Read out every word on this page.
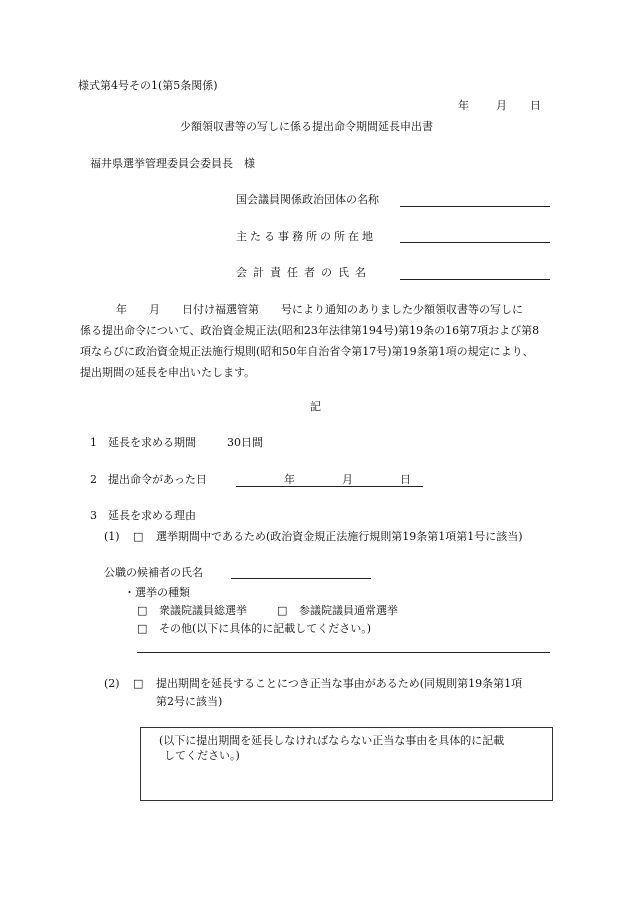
様式第4号その1(第5条関係)
年 月 日
少額領収書等の写しに係る提出命令期間延長申出書
福井県選挙管理委員会委員長　様
国会議員関係政治団体の名称
主たる事務所の所在地
会計責任者の氏名
年　　月　　日付け福選管第　　号により通知のありました少額領収書等の写しに
係る提出命令について、政治資金規正法(昭和23年法律第194号)第19条の16第7項および第8
項ならびに政治資金規正法施行規則(昭和50年自治省令第17号)第19条第1項の規定により、
提出期間の延長を申出いたします。
記
1　延長を求める期間	30日間
2　提出命令があった日	年	月	日
3　延長を求める理由
(1) □ 選挙期間中であるため(政治資金規正法施行規則第19条第1項第1号に該当)
公職の候補者の氏名
・選挙の種類
□ 衆議院議員総選挙	□ 参議院議員通常選挙
□ その他(以下に具体的に記載してください。)
(2) □ 提出期間を延長することにつき正当な事由があるため(同規則第19条第1項
第2号に該当)
(以下に提出期間を延長しなければならない正当な事由を具体的に記載
してください。)
